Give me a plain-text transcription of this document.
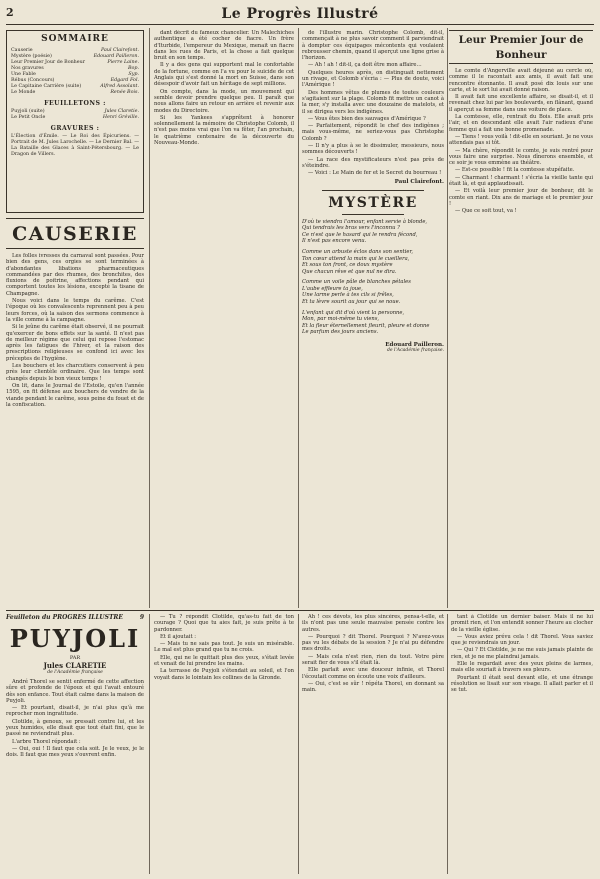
2	Le Progrès Illustré
SOMMAIRE
Causerie	Paul Clairefont.
Mystère (poésie)	Edouard Pailleron.
Leur Premier Jour de Bonheur	Pierre Laine.
Nos gravures	Bop.
Une Fable	Syp.
Rébus (Concours)	Edgard Fol.
Le Capitaine Carrière (suite)	Alfred Assolant.
Le Monde	Renée Bois.
FEUILLETONS :
Puyjoli (suite)	Jules Claretie.
Le Petit Oncle	Henri Gréville.
GRAVURES :
L'Élection d'Émile. — Le Roi des Épicuriens. — Portrait de M. Jules Larochelle. — Le Dernier Bal. — La Bataille des Glaces à Saint-Pétersbourg. — Le Dragon de Villers.
CAUSERIE

Les folles ivresses du carnaval sont passées. Pour bien des gens, ces orgies se sont terminées à d'abondantes libations pharmaceutiques commandées par des rhumes, des bronchites, des fluxions de poitrine, affections pendant qui comportent toutes les lésions, excepté la tisane de Champagne.

Nous voici dans le temps du carême. C'est l'époque où les convalescents reprennent peu à peu leurs forces, où la saison des sermons commence à la ville comme à la campagne.

Si le jeûne du carême était observé, il ne pourrait qu'exercer de bons effets sur la santé. Il n'est pas de meilleur régime que celui qui repose l'estomac après les fatigues de l'hiver, et la raison des prescriptions religieuses se confond ici avec les préceptes de l'hygiène.

Les bouchers et les charcutiers conservent à peu près leur clientèle ordinaire. Que les temps sont changés depuis le bon vieux temps !

On lit, dans le Journal de l'Estoile, qu'en l'année 1595, on fit défense aux bouchers de vendre de la viande pendant le carême, sous peine du fouet et de la confiscation.

dant décrit du fameux chancelier. Un Malechiches authentique a été cocher de fiacre. Un frère d'Iturbide, l'empereur du Mexique, menait un fiacre dans les rues de Paris, et la chose a fait quelque bruit en son temps.

Il y a des gens qui supportent mal le confortable de la fortune, comme on l'a vu pour le suicide de cet Anglais qui s'est donné la mort en Suisse, dans son désespoir d'avoir fait un héritage de sept millions.

On compte, dans la mode, un mouvement qui semble devoir prendre quelque peu. Il paraît que nous allons faire un retour en arrière et revenir aux modes du Directoire.

Si les Yankees s'apprêtent à honorer solennellement la mémoire de Christophe Colomb, il n'est pas moins vrai que l'on va fêter, l'an prochain, le quatrième centenaire de la découverte du Nouveau-Monde.

de l'illustre marin. Christophe Colomb, dit-il, commençait à ne plus savoir comment il parviendrait à dompter ces équipages mécontents qui voulaient rebrousser chemin, quand il aperçut une ligne grise à l'horizon.

— Ah ! ah ! dit-il, ça doit être mon affaire…

Quelques heures après, on distinguait nettement un rivage, et Colomb s'écria : — Plus de doute, voici l'Amérique !

Des hommes vêtus de plumes de toutes couleurs s'agitaient sur la plage. Colomb fit mettre un canot à la mer, s'y installa avec une douzaine de matelots, et il se dirigea vers les indigènes.

— Vous êtes bien des sauvages d'Amérique ?

— Parfaitement, répondit le chef des indigènes ; mais vous-même, ne seriez-vous pas Christophe Colomb ?

— Il n'y a plus à se le dissimuler, messieurs, nous sommes découverts !

— La race des mystificateurs n'est pas près de s'éteindre.

— Voici : Le Main de fer et le Secret du bourreau !

Paul Clairefont.
MYSTÈRE
D'où te viendra l'amour, enfant servie à blonde,
Qui tendrais les bras vers l'inconnu ?
Ce n'est que le hasard qui le rendra fécond,
Il n'est pas encore venu.
Comme un arbuste éclos dans son sentier,
Ton cœur attend la main qui le cueillera,
Et sous ton front, ce doux mystère
Que chacun rêve et que nul ne dira.
Comme un voile pâle de blanches pétales
L'aube effleure ta joue,
Une larme perle à tes cils si frêles,
Et ta lèvre sourit au jour qui se noue.
L'enfant qui dit d'où vient la personne,
Mon, par moi-même tu viens,
Et la fleur éternellement fleurit, pleure et donne
Le parfum des jours anciens.
Edouard Pailleron.
de l'Académie française.
Leur Premier Jour de Bonheur

Le comte d'Angerville avait déjeuné au cercle où, comme il le racontait aux amis, il avait fait une rencontre étonnante. Il avait posé dix louis sur une carte, et le sort lui avait donné raison.

Il avait fait une excellente affaire, se disait-il, et il revenait chez lui par les boulevards, en flânant, quand il aperçut sa femme dans une voiture de place.

La comtesse, elle, rentrait du Bois. Elle avait pris l'air, et en descendant elle avait l'air radieux d'une femme qui a fait une bonne promenade.

— Tiens ! vous voilà ! dit-elle en souriant. Je ne vous attendais pas si tôt.

— Ma chère, répondit le comte, je suis rentré pour vous faire une surprise. Nous dînerons ensemble, et ce soir je vous emmène au théâtre.

— Est-ce possible ! fit la comtesse stupéfaite.

— Charmant ! charmant ! s'écria la vieille tante qui était là, et qui applaudissait.

— Et voilà leur premier jour de bonheur, dit le comte en riant. Dix ans de mariage et le premier jour !

— Que ce soit tout, va !

Feuilleton du PROGRÈS ILLUSTRÉ	9
PUYJOLI
PAR
Jules CLARETIE
de l'Académie française

André Thorel se sentit enfermé de cette affection sûre et profonde de l'époux et qui l'avait entouré dès son enfance. Tout était calme dans la maison de Puyjoli.

— Et pourtant, disait-il, je n'ai plus qu'à me reprocher mon ingratitude.

Clotilde, à genoux, se pressait contre lui, et les yeux humides, elle disait que tout était fini, que le passé ne reviendrait plus.

L'arbre Thorel répondait :

— Oui, oui ! Il faut que cela soit. Je le veux, je le dois. Il faut que mes yeux s'ouvrent enfin.

— Tu ? répondit Clotilde, qu'as-tu fait de ton courage ? Quoi que tu aies fait, je suis prête à te pardonner.

Et il ajoutait :

— Mais tu ne sais pas tout. Je suis un misérable. Le mal est plus grand que tu ne crois.

Elle, qui ne le quittait plus des yeux, s'était levée et venait de lui prendre les mains.

La terrasse de Puyjoli s'étendait au soleil, et l'on voyait dans le lointain les collines de la Gironde.

Ah ! ces dévots, les plus sincères, pensa-t-elle, et ils n'ont pas une seule mauvaise pensée contre les autres.

— Pourquoi ? dit Thorel. Pourquoi ? N'avez-vous pas vu les débats de la session ? Je n'ai pu défendre mes droits.

— Mais cela n'est rien, rien du tout. Votre père serait fier de vous s'il était là.

Elle parlait avec une douceur infinie, et Thorel l'écoutait comme on écoute une voix d'ailleurs.

— Oui, c'est se sûr ! répéta Thorel, en donnant sa main.

tant à Clotilde un dernier baiser. Mais il ne lui promit rien, et l'on entendit sonner l'heure au clocher de la vieille église.

— Vous aviez prévu cela ! dit Thorel. Vous saviez que je reviendrais un jour.

— Qui ? Et Clotilde, je ne me suis jamais plainte de rien, et je ne me plaindrai jamais.

Elle le regardait avec des yeux pleins de larmes, mais elle souriait à travers ses pleurs.

Pourtant il était seul devant elle, et une étrange résolution se lisait sur son visage. Il allait parler et il se tut.
